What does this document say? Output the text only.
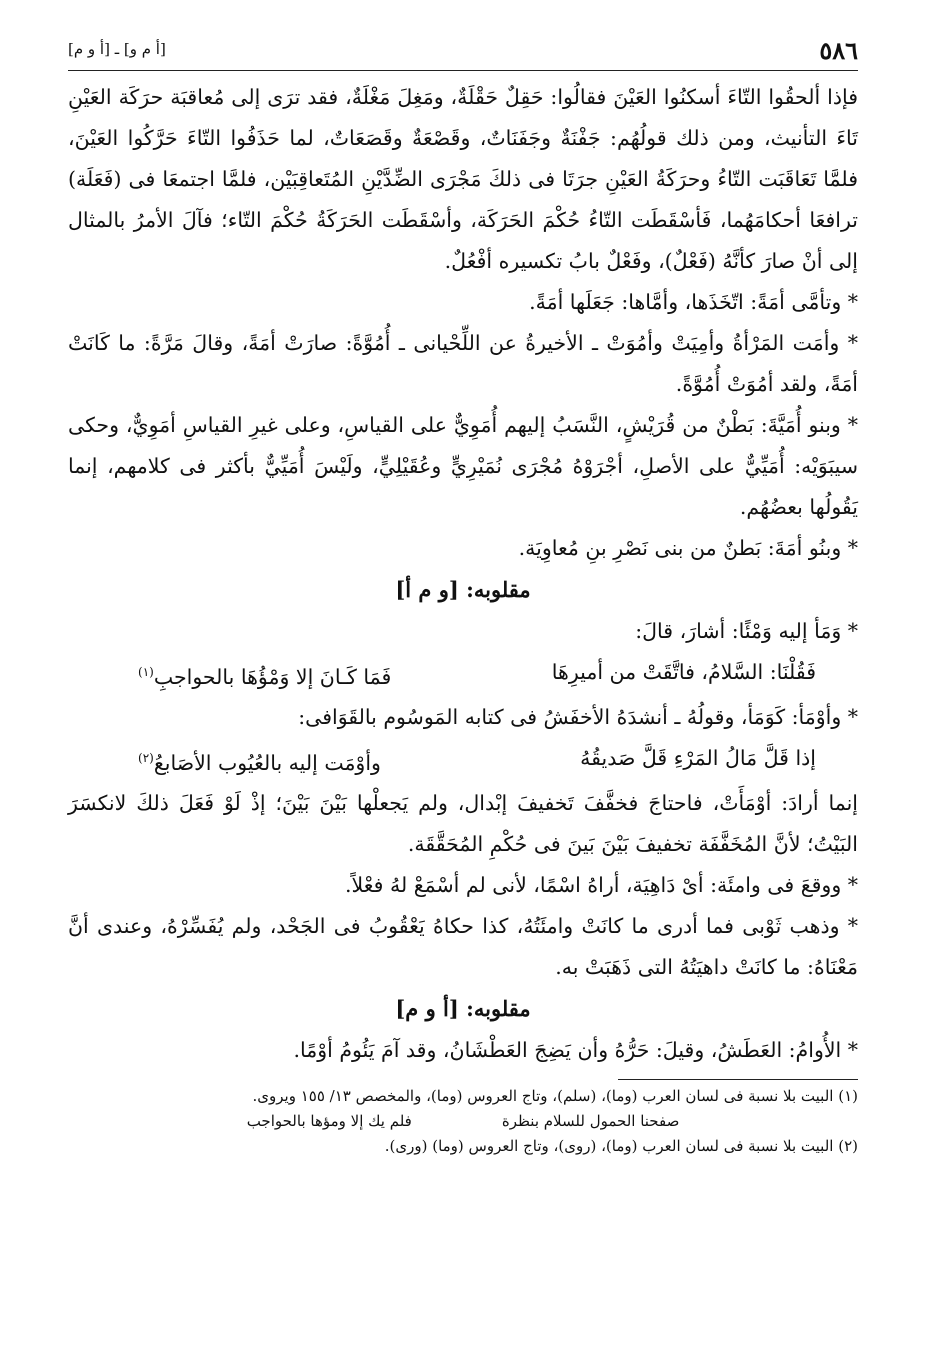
٥٨٦
[أ م و] ـ [أ و م]

فإذا ألحقُوا التّاءَ أسكنُوا العَيْنَ فقالُوا: حَقِلٌ حَقْلَةٌ، ومَغِلَ مَغْلَةٌ، فقد ترَى إلى مُعاقبَة حرَكَة العَيْنِ تَاءَ التأنيث، ومن ذلك قولُهُم: جَفْنَةٌ وجَفَنَاتٌ، وقَصْعَةٌ وقَصَعَاتٌ، لما حَذَفُوا التّاءَ حَرَّكُوا العَيْنَ، فلمَّا تَعَاقَبَت التّاءُ وحرَكَةُ العَيْنِ جرَتَا فى ذلكَ مَجْرَى الضِّدَّيْنِ المُتَعاقِبَيْن، فلمَّا اجتمعَا فى (فَعَلَة) ترافعَا أحكامَهُما، فَأسْقَطَت التّاءُ حُكْمَ الحَرَكَة، وأسْقَطَت الحَرَكَةُ حُكْمَ التّاء؛ فآلَ الأمرُ بالمثال إلى أنْ صارَ كأنَّهُ (فَعْلٌ)، وفَعْلٌ بابُ تكسيره أفْعُلٌ.

* وتأمَّى أمَةً: اتّخَذَها، وأمَّاها: جَعَلَها أمَةً.

* وأمَت المَرْأةُ وأمِيَتْ وأمُوَتْ ـ الأخيرةُ عن اللِّحْيانى ـ أُمُوَّةً: صارَتْ أمَةً، وقالَ مَرَّةً: ما كَانَتْ أمَةً، ولقد أمُوَتْ أُمُوَّةً.

* وبنو أُمَيَّةَ: بَطْنٌ من قُرَيْشٍ، النَّسَبُ إليهم أُمَوِيٌّ على القياسِ، وعلى غيرِ القياسِ أمَوِيٌّ، وحكى سيبَوَيْه: أُمَيِّيٌّ على الأصلِ، أجْرَوْهُ مُجْرَى نُمَيْرِيٍّ وعُقَيْلِيٍّ، ولَيْسَ أُمَيِّيٌّ بأكثر فى كلامهم، إنما يَقُولُها بعضُهُم.

* وبنُو أمَةَ: بَطنٌ من بنى نَصْرِ بنِ مُعاوِيَة.

مقلوبه: [و م أ]

* وَمَأ إليه وَمْئًا: أشارَ، قالَ:

فَقُلْنَا: السَّلامُ، فاتَّقَتْ من أميرِهَا
فَمَا كَـانَ إلا وَمْؤُهَا بالحواجبِ$^{(١)}$

* وأوْمَأ: كَوَمَأ، وقولُهُ ـ أنشدَهُ الأخفَشُ فى كتابه المَوسُوم بالقَوَافى:

إذا قَلَّ مَالُ المَرْءِ قَلَّ صَديقُهُ
وأوْمَت إليه بالعُيُوب الأصَابعُ$^{(٢)}$

إنما أرادَ: أوْمَأَتْ، فاحتاجَ فخفَّفَ تَخفيفَ إبْدال، ولم يَجعلْها بَيْنَ بَيْنَ؛ إذْ لَوْ فَعَلَ ذلكَ لانكسَرَ البَيْتُ؛ لأنَّ المُخَفَّفَة تخفيفَ بَيْنَ بَينَ فى حُكْمِ المُحَقَّقَة.

* ووقعَ فى وامئَة: أىْ دَاهِيَة، أراهُ اسْمًا، لأنى لم أسْمَعْ لهُ فعْلاً.

* وذهب ثَوْبى فما أدرى ما كانَتْ وامئَتُهُ، كذا حكاهُ يَعْقُوبُ فى الجَحْد، ولم يُفَسِّرْهُ، وعندى أنَّ مَعْنَاهُ: ما كانَتْ داهيَتُهُ التى ذَهَبَتْ به.

مقلوبه: [أ و م]

* الأُوامُ: العَطَشُ، وقيلَ: حَرُّهُ وأن يَضِجَ العَطْشَانُ، وقد آمَ يَئُومُ أوْمًا.

(١) البيت بلا نسبة فى لسان العرب (وما)، (سلم)، وتاج العروس (وما)، والمخصص ١٣/ ١٥٥ ويروى.
صفحنا الحمول للسلام بنظرة
فلم يك إلا ومؤها بالحواجب
(٢) البيت بلا نسبة فى لسان العرب (وما)، (روى)، وتاج العروس (وما) (ورى).
